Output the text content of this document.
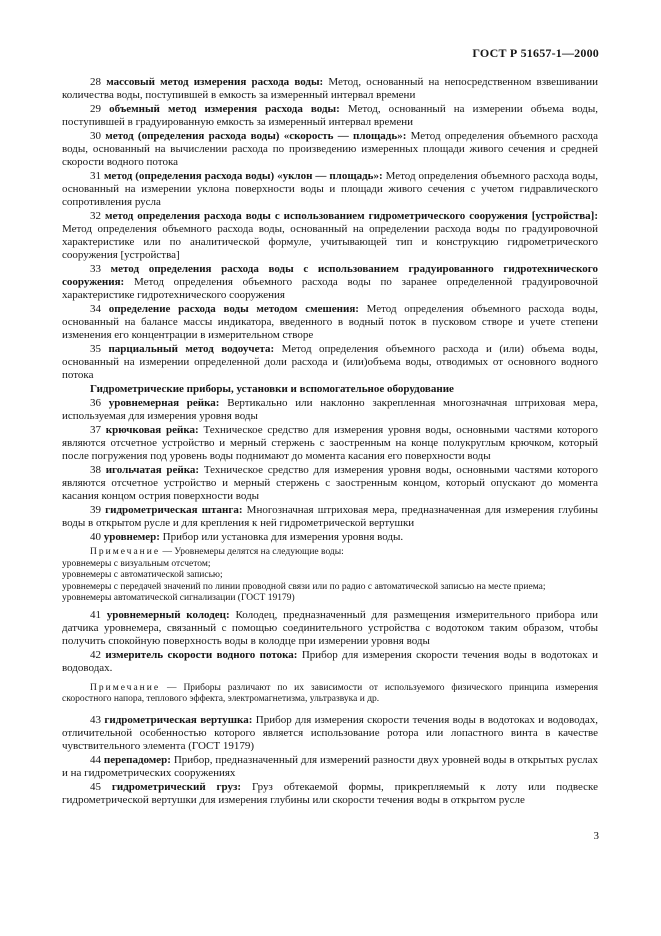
ГОСТ Р 51657-1—2000

28 массовый метод измерения расхода воды: Метод, основанный на непосредственном взвешивании количества воды, поступившей в емкость за измеренный интервал времени

29 объемный метод измерения расхода воды: Метод, основанный на измерении объема воды, поступившей в градуированную емкость за измеренный интервал времени

30 метод (определения расхода воды) «скорость — площадь»: Метод определения объемного расхода воды, основанный на вычислении расхода по произведению измеренных площади живого сечения и средней скорости водного потока

31 метод (определения расхода воды) «уклон — площадь»: Метод определения объемного расхода воды, основанный на измерении уклона поверхности воды и площади живого сечения с учетом гидравлического сопротивления русла

32 метод определения расхода воды с использованием гидрометрического сооружения [устройства]: Метод определения объемного расхода воды, основанный на определении расхода воды по градуировочной характеристике или по аналитической формуле, учитывающей тип и конструкцию гидрометрического сооружения [устройства]

33 метод определения расхода воды с использованием градуированного гидротехнического сооружения: Метод определения объемного расхода воды по заранее определенной градуировочной характеристике гидротехнического сооружения

34 определение расхода воды методом смешения: Метод определения объемного расхода воды, основанный на балансе массы индикатора, введенного в водный поток в пусковом створе и учете степени изменения его концентрации в измерительном створе

35 парциальный метод водоучета: Метод определения объемного расхода и (или) объема воды, основанный на измерении определенной доли расхода и (или)объема воды, отводимых от основного водного потока

Гидрометрические приборы, установки и вспомогательное оборудование

36 уровнемерная рейка: Вертикально или наклонно закрепленная многозначная штриховая мера, используемая для измерения уровня воды

37 крючковая рейка: Техническое средство для измерения уровня воды, основными частями которого являются отсчетное устройство и мерный стержень с заостренным на конце полукруглым крючком, который после погружения под уровень воды поднимают до момента касания его поверхности воды

38 игольчатая рейка: Техническое средство для измерения уровня воды, основными частями которого являются отсчетное устройство и мерный стержень с заостренным концом, который опускают до момента касания концом острия поверхности воды

39 гидрометрическая штанга: Многозначная штриховая мера, предназначенная для измерения глубины воды в открытом русле и для крепления к ней гидрометрической вертушки

40 уровнемер: Прибор или установка для измерения уровня воды.

Примечание — Уровнемеры делятся на следующие воды:
уровнемеры с визуальным отсчетом;
уровнемеры с автоматической записью;
уровнемеры с передачей значений по линии проводной связи или по радио с автоматической записью на месте приема;
уровнемеры автоматической сигнализации (ГОСТ 19179)

41 уровнемерный колодец: Колодец, предназначенный для размещения измерительного прибора или датчика уровнемера, связанный с помощью соединительного устройства с водотоком таким образом, чтобы получить спокойную поверхность воды в колодце при измерении уровня воды

42 измеритель скорости водного потока: Прибор для измерения скорости течения воды в водотоках и водоводах.

Примечание — Приборы различают по их зависимости от используемого физического принципа измерения скоростного напора, теплового эффекта, электромагнетизма, ультразвука и др.

43 гидрометрическая вертушка: Прибор для измерения скорости течения воды в водотоках и водоводах, отличительной особенностью которого является использование ротора или лопастного винта в качестве чувствительного элемента (ГОСТ 19179)

44 перепадомер: Прибор, предназначенный для измерений разности двух уровней воды в открытых руслах и на гидрометрических сооружениях

45 гидрометрический груз: Груз обтекаемой формы, прикрепляемый к лоту или подвеске гидрометрической вертушки для измерения глубины или скорости течения воды в открытом русле

3
